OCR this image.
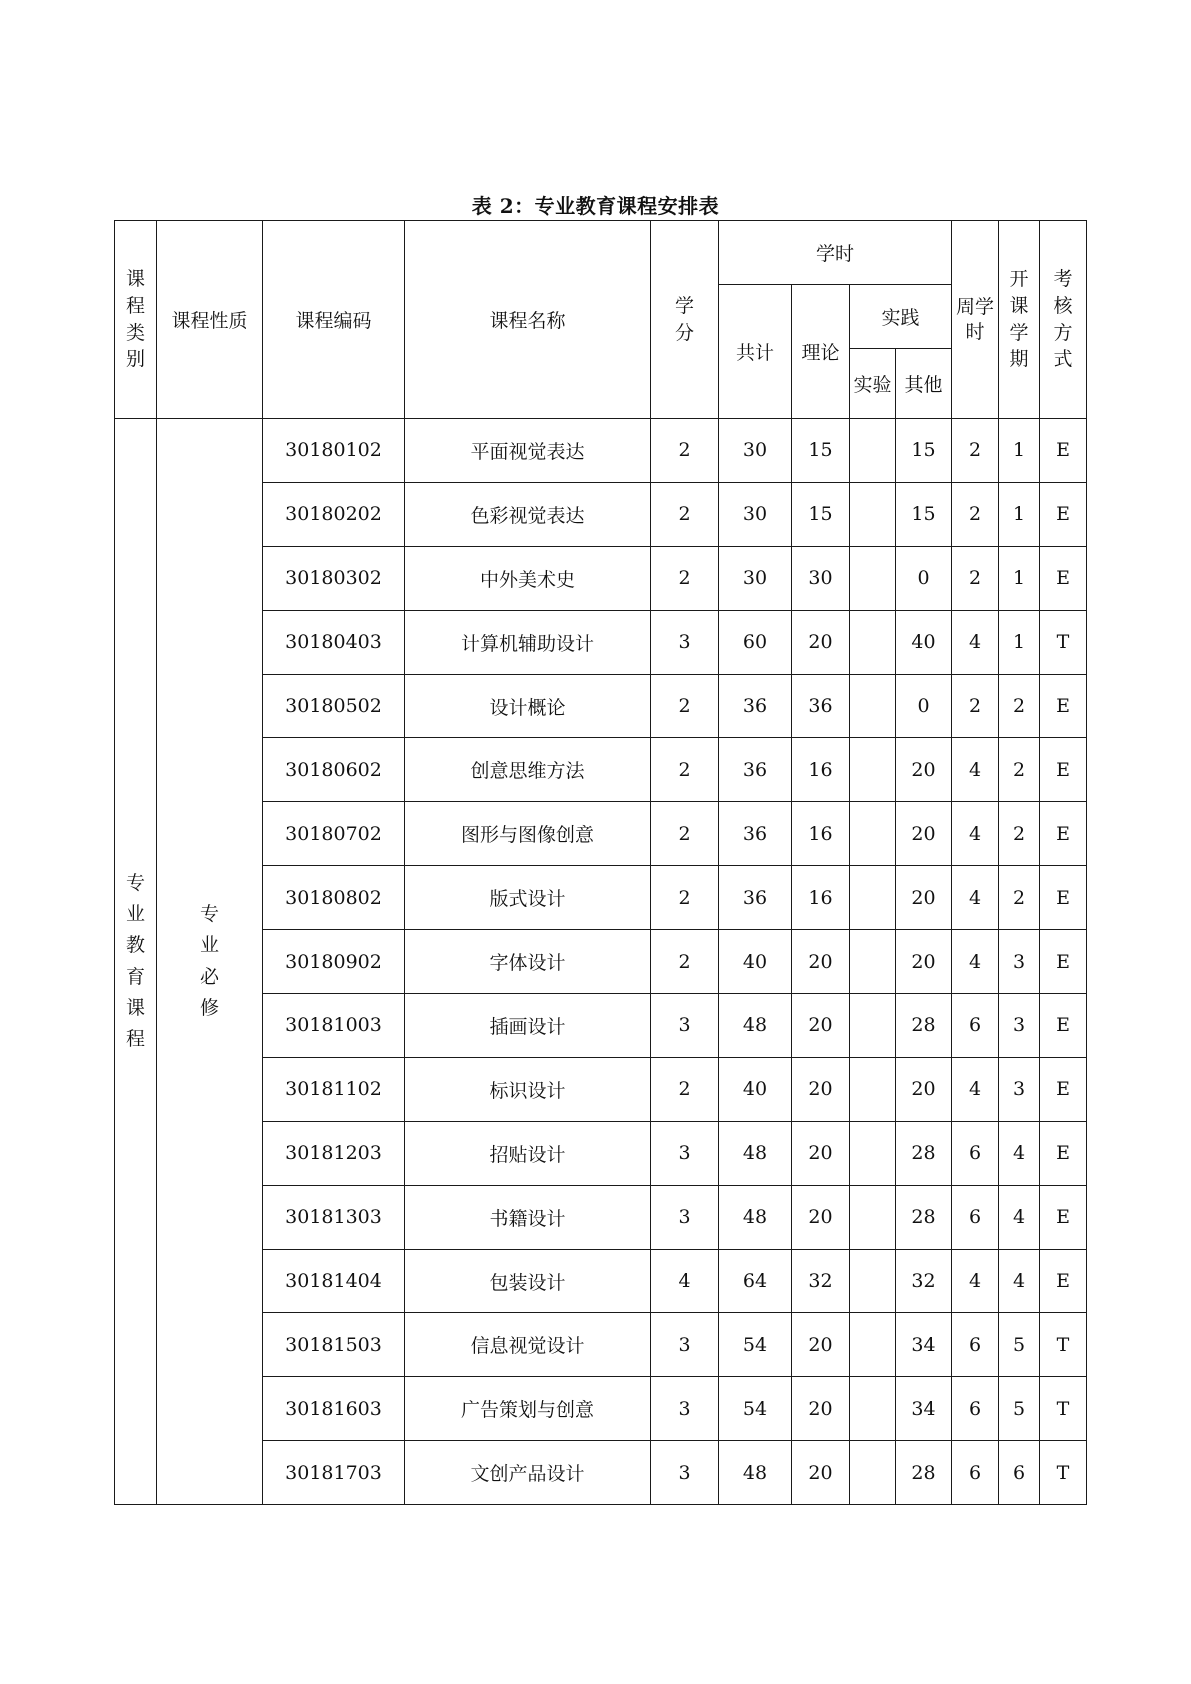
表 2：专业教育课程安排表
课程类别	课程性质	课程编码	课程名称	学分	学时				周学时	开课学期	考核方式
					共计	理论	实践				
							实验	其他			
专业教育课程	专业必修	30180102	平面视觉表达	2	30	15		15	2	1	E
		30180202	色彩视觉表达	2	30	15		15	2	1	E
		30180302	中外美术史	2	30	30		0	2	1	E
		30180403	计算机辅助设计	3	60	20		40	4	1	T
		30180502	设计概论	2	36	36		0	2	2	E
		30180602	创意思维方法	2	36	16		20	4	2	E
		30180702	图形与图像创意	2	36	16		20	4	2	E
		30180802	版式设计	2	36	16		20	4	2	E
		30180902	字体设计	2	40	20		20	4	3	E
		30181003	插画设计	3	48	20		28	6	3	E
		30181102	标识设计	2	40	20		20	4	3	E
		30181203	招贴设计	3	48	20		28	6	4	E
		30181303	书籍设计	3	48	20		28	6	4	E
		30181404	包装设计	4	64	32		32	4	4	E
		30181503	信息视觉设计	3	54	20		34	6	5	T
		30181603	广告策划与创意	3	54	20		34	6	5	T
		30181703	文创产品设计	3	48	20		28	6	6	T
